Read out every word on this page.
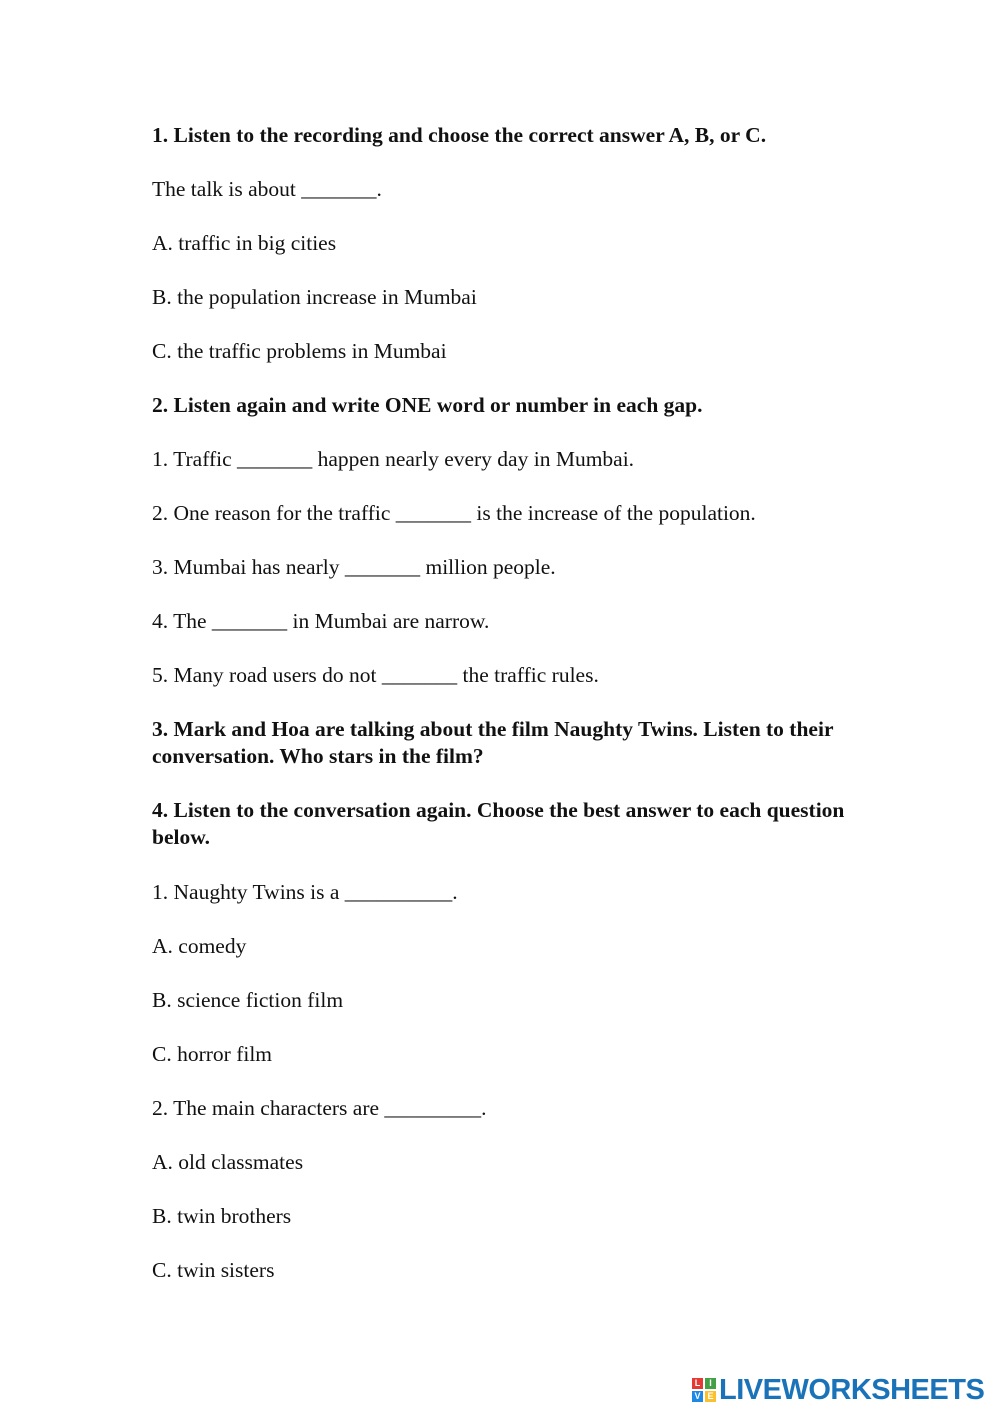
1. Listen to the recording and choose the correct answer A, B, or C.
The talk is about _______.
A. traffic in big cities
B. the population increase in Mumbai
C. the traffic problems in Mumbai
2. Listen again and write ONE word or number in each gap.
1. Traffic _______ happen nearly every day in Mumbai.
2. One reason for the traffic _______ is the increase of the population.
3. Mumbai has nearly _______ million people.
4. The _______ in Mumbai are narrow.
5. Many road users do not _______ the traffic rules.
3. Mark and Hoa are talking about the film Naughty Twins. Listen to their conversation. Who stars in the film?
4. Listen to the conversation again. Choose the best answer to each question below.
1. Naughty Twins is a __________.
A. comedy
B. science fiction film
C. horror film
2. The main characters are _________.
A. old classmates
B. twin brothers
C. twin sisters
L I
V E LIVEWORKSHEETS
